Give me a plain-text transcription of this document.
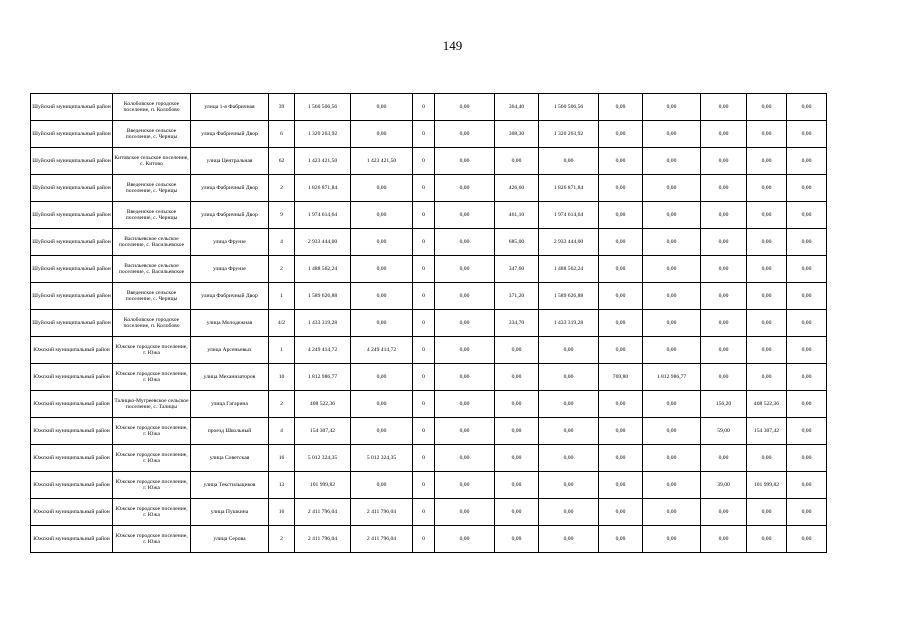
149
Шуйский муниципальный район	Колобовское городское поселение, п. Колобово	улица 1-я Фабричная	39	1 560 506,56	0,00	0	0,00	364,40	1 560 506,56	0,00	0,00	0,00	0,00	0,00
Шуйский муниципальный район	Введенское сельское поселение, с. Чернцы	улица Фабричный Двор	6	1 320 263,92	0,00	0	0,00	308,30	1 320 263,92	0,00	0,00	0,00	0,00	0,00
Шуйский муниципальный район	Китовское сельское поселение, с. Китово	улица Центральная	62	1 423 421,50	1 423 421,50	0	0,00	0,00	0,00	0,00	0,00	0,00	0,00	0,00
Шуйский муниципальный район	Введенское сельское поселение, с. Чернцы	улица Фабричный Двор	2	1 826 871,84	0,00	0	0,00	426,60	1 826 871,84	0,00	0,00	0,00	0,00	0,00
Шуйский муниципальный район	Введенское сельское поселение, с. Чернцы	улица Фабричный Двор	9	1 974 614,64	0,00	0	0,00	461,10	1 974 614,64	0,00	0,00	0,00	0,00	0,00
Шуйский муниципальный район	Васильевское сельское поселение, с. Васильевское	улица Фрунзе	4	2 933 444,00	0,00	0	0,00	685,00	2 933 444,00	0,00	0,00	0,00	0,00	0,00
Шуйский муниципальный район	Васильевское сельское поселение, с. Васильевское	улица Фрунзе	2	1 488 562,24	0,00	0	0,00	347,60	1 488 562,24	0,00	0,00	0,00	0,00	0,00
Шуйский муниципальный район	Введенское сельское поселение, с. Чернцы	улица Фабричный Двор	1	1 589 626,88	0,00	0	0,00	371,20	1 589 626,88	0,00	0,00	0,00	0,00	0,00
Шуйский муниципальный район	Колобовское городское поселение, п. Колобово	улица Молодежная	4/2	1 433 319,28	0,00	0	0,00	334,70	1 433 319,28	0,00	0,00	0,00	0,00	0,00
Южский муниципальный район	Южское городское поселение, г. Южа	улица Арсеньевых	1	4 249 414,72	4 249 414,72	0	0,00	0,00	0,00	0,00	0,00	0,00	0,00	0,00
Южский муниципальный район	Южское городское поселение, г. Южа	улица Механизаторов	10	1 812 986,77	0,00	0	0,00	0,00	0,00	769,80	1 812 986,77	0,00	0,00	0,00
Южский муниципальный район	Талицко-Мугреевское сельское поселение, с. Талицы	улица Гагарина	2	408 522,36	0,00	0	0,00	0,00	0,00	0,00	0,00	156,20	408 522,36	0,00
Южский муниципальный район	Южское городское поселение, г. Южа	проезд Школьный	4	154 307,42	0,00	0	0,00	0,00	0,00	0,00	0,00	59,00	154 307,42	0,00
Южский муниципальный район	Южское городское поселение, г. Южа	улица Советская	16	5 012 324,35	5 012 324,35	0	0,00	0,00	0,00	0,00	0,00	0,00	0,00	0,00
Южский муниципальный район	Южское городское поселение, г. Южа	улица Текстильщиков	13	101 999,82	0,00	0	0,00	0,00	0,00	0,00	0,00	39,00	101 999,82	0,00
Южский муниципальный район	Южское городское поселение, г. Южа	улица Пушкина	16	2 411 796,04	2 411 796,04	0	0,00	0,00	0,00	0,00	0,00	0,00	0,00	0,00
Южский муниципальный район	Южское городское поселение, г. Южа	улица Серова	2	2 411 796,04	2 411 796,04	0	0,00	0,00	0,00	0,00	0,00	0,00	0,00	0,00
